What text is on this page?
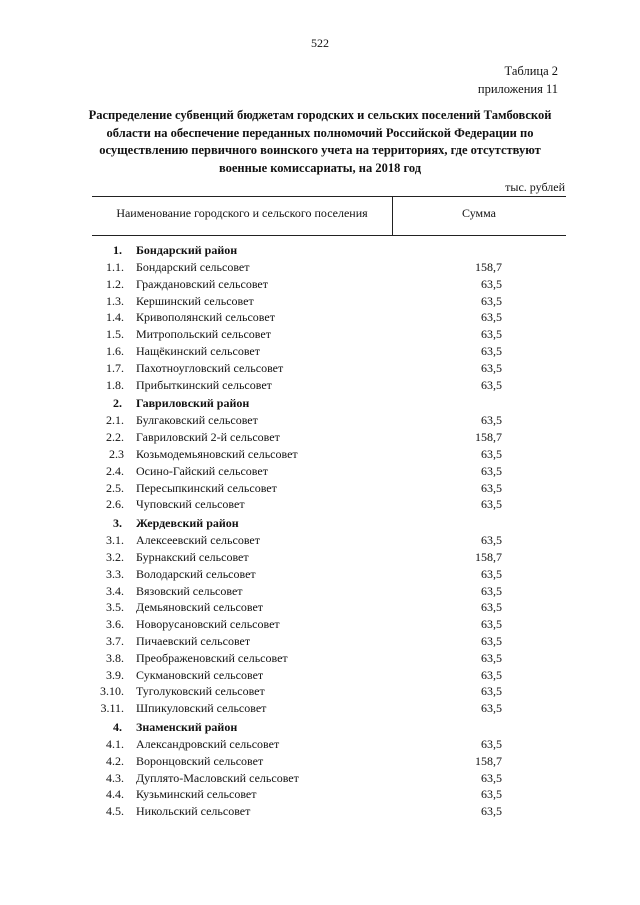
522
Таблица 2
приложения 11
Распределение субвенций бюджетам городских и сельских поселений Тамбовской области на обеспечение переданных полномочий Российской Федерации по осуществлению первичного воинского учета на территориях, где отсутствуют военные комиссариаты, на 2018 год
тыс. рублей
Наименование городского и сельского поселения	Сумма
1. Бондарский район
1.1. Бондарский сельсовет	158,7
1.2. Граждановский сельсовет	63,5
1.3. Кершинский сельсовет	63,5
1.4. Кривополянский сельсовет	63,5
1.5. Митропольский сельсовет	63,5
1.6. Нащёкинский сельсовет	63,5
1.7. Пахотноугловский сельсовет	63,5
1.8. Прибыткинский сельсовет	63,5
2. Гавриловский район
2.1. Булгаковский сельсовет	63,5
2.2. Гавриловский 2-й сельсовет	158,7
2.3 Козьмодемьяновский сельсовет	63,5
2.4. Осино-Гайский сельсовет	63,5
2.5. Пересыпкинский сельсовет	63,5
2.6. Чуповский сельсовет	63,5
3. Жердевский район
3.1. Алексеевский сельсовет	63,5
3.2. Бурнакский сельсовет	158,7
3.3. Володарский сельсовет	63,5
3.4. Вязовский сельсовет	63,5
3.5. Демьяновский сельсовет	63,5
3.6. Новорусановский сельсовет	63,5
3.7. Пичаевский сельсовет	63,5
3.8. Преображеновский сельсовет	63,5
3.9. Сукмановский сельсовет	63,5
3.10. Туголуковский сельсовет	63,5
3.11. Шпикуловский сельсовет	63,5
4. Знаменский район
4.1. Александровский сельсовет	63,5
4.2. Воронцовский сельсовет	158,7
4.3. Дуплято-Масловский сельсовет	63,5
4.4. Кузьминский сельсовет	63,5
4.5. Никольский сельсовет	63,5
